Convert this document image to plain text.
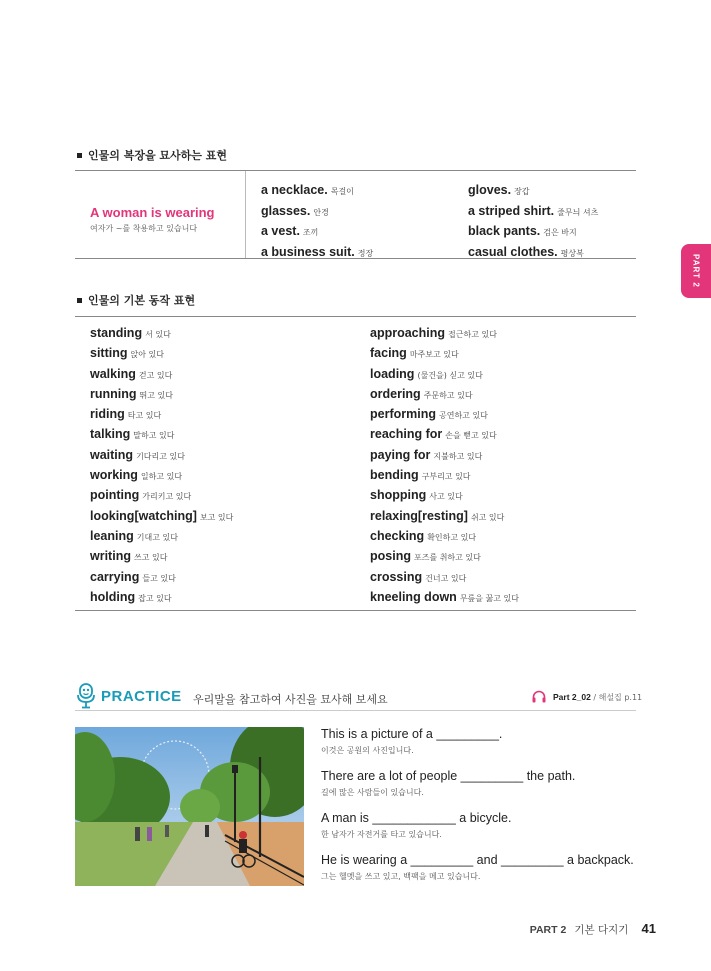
인물의 복장을 묘사하는 표현
A woman is wearing
여자가 ~를 착용하고 있습니다
a necklace. 목걸이
glasses. 안경
a vest. 조끼
a business suit. 정장
gloves. 장갑
a striped shirt. 줄무늬 셔츠
black pants. 검은 바지
casual clothes. 평상복
PART 2
인물의 기본 동작 표현
standing 서 있다
sitting 앉아 있다
walking 걷고 있다
running 뛰고 있다
riding 타고 있다
talking 말하고 있다
waiting 기다리고 있다
working 일하고 있다
pointing 가리키고 있다
looking[watching] 보고 있다
leaning 기대고 있다
writing 쓰고 있다
carrying 들고 있다
holding 잡고 있다
approaching 접근하고 있다
facing 마주보고 있다
loading (물건을) 싣고 있다
ordering 주문하고 있다
performing 공연하고 있다
reaching for 손을 뻗고 있다
paying for 지불하고 있다
bending 구부리고 있다
shopping 사고 있다
relaxing[resting] 쉬고 있다
checking 확인하고 있다
posing 포즈를 취하고 있다
crossing 건너고 있다
kneeling down 무릎을 꿇고 있다
PRACTICE 우리말을 참고하여 사진을 묘사해 보세요	Part 2_02 / 해설집 p.11
This is a picture of a _________.
이것은 공원의 사진입니다.
There are a lot of people _________ the path.
길에 많은 사람들이 있습니다.
A man is ____________ a bicycle.
한 남자가 자전거를 타고 있습니다.
He is wearing a _________ and _________ a backpack.
그는 헬멧을 쓰고 있고, 백팩을 메고 있습니다.
PART 2 기본 다지기 41
